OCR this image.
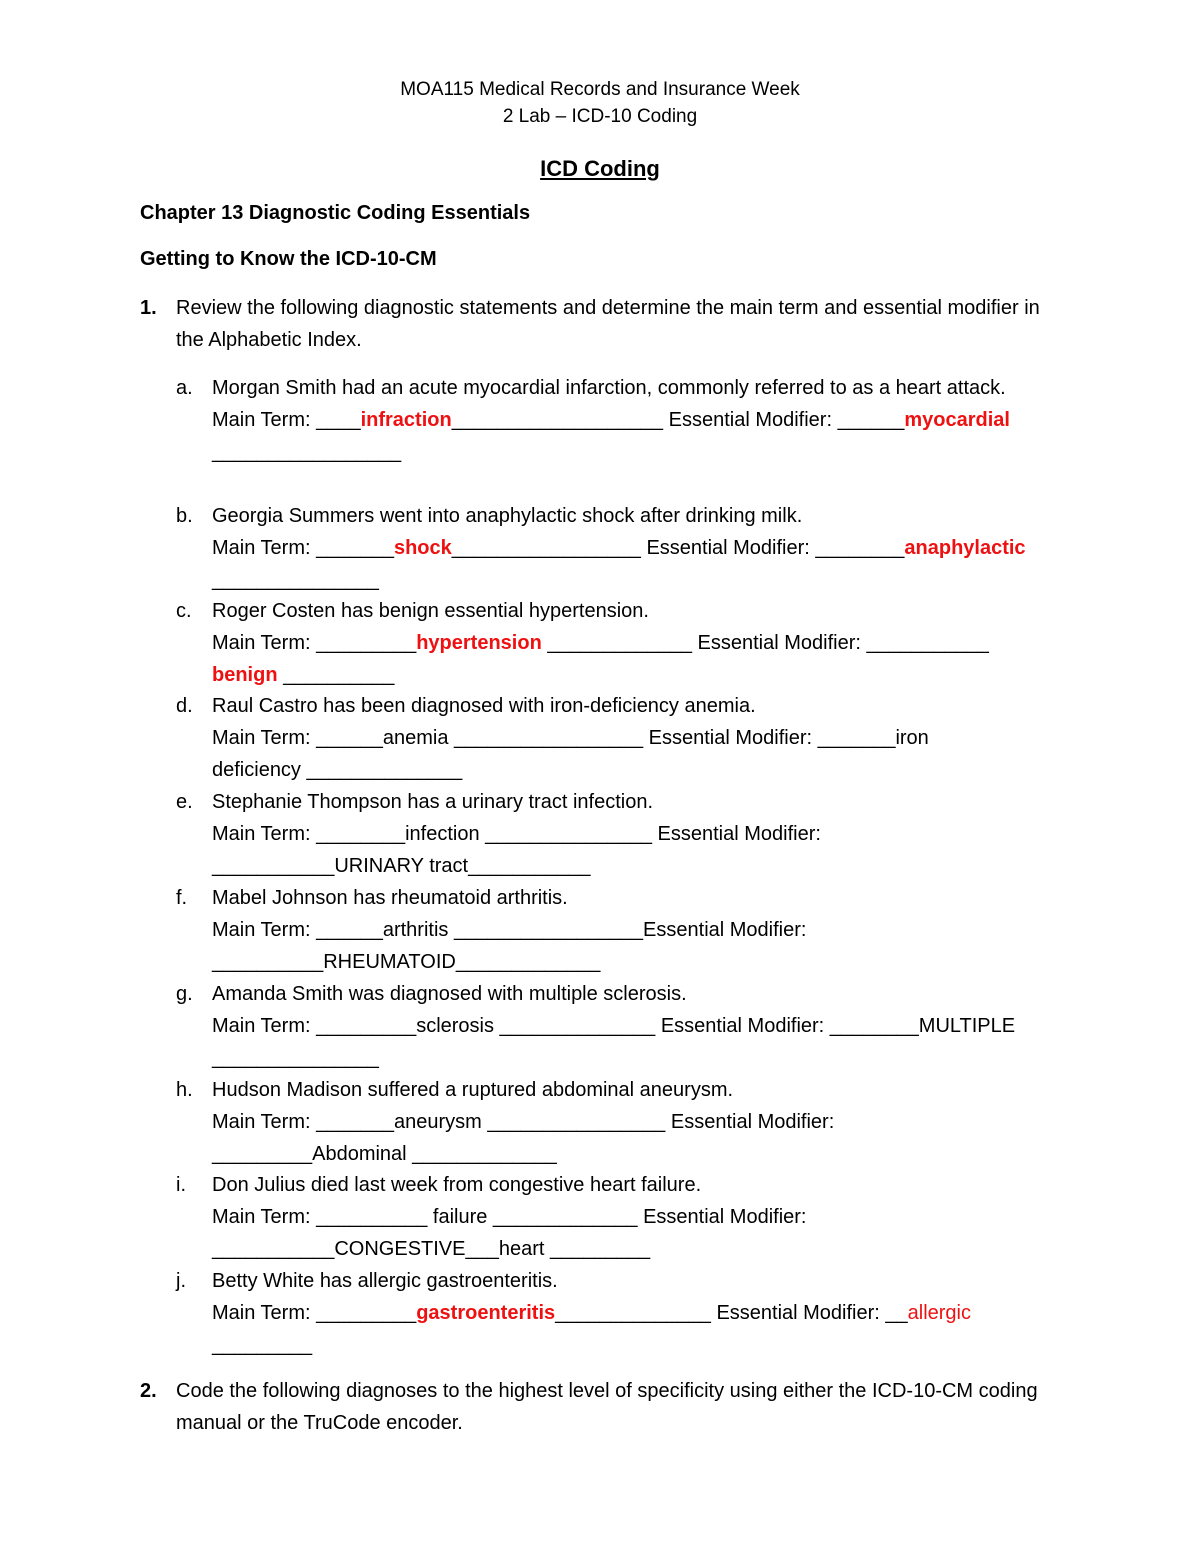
MOA115 Medical Records and Insurance Week
2 Lab – ICD-10 Coding
ICD Coding
Chapter 13 Diagnostic Coding Essentials
Getting to Know the ICD-10-CM
1. Review the following diagnostic statements and determine the main term and essential modifier in the Alphabetic Index.
a. Morgan Smith had an acute myocardial infarction, commonly referred to as a heart attack.
Main Term: ____infraction___________________ Essential Modifier: ______myocardial
_________________
b. Georgia Summers went into anaphylactic shock after drinking milk.
Main Term: _______shock_________________ Essential Modifier: ________anaphylactic
_______________
c. Roger Costen has benign essential hypertension.
Main Term: _________hypertension _____________ Essential Modifier: ___________
benign __________
d. Raul Castro has been diagnosed with iron-deficiency anemia.
Main Term: ______anemia _________________ Essential Modifier: _______iron
deficiency ______________
e. Stephanie Thompson has a urinary tract infection.
Main Term: ________infection _______________ Essential Modifier:
___________URINARY tract___________
f. Mabel Johnson has rheumatoid arthritis.
Main Term: ______arthritis _________________Essential Modifier:
__________RHEUMATOID_____________
g. Amanda Smith was diagnosed with multiple sclerosis.
Main Term: _________sclerosis ______________ Essential Modifier: ________MULTIPLE
_______________
h. Hudson Madison suffered a ruptured abdominal aneurysm.
Main Term: _______aneurysm ________________ Essential Modifier:
_________Abdominal _____________
i. Don Julius died last week from congestive heart failure.
Main Term: __________ failure _____________ Essential Modifier:
___________CONGESTIVE___heart _________
j. Betty White has allergic gastroenteritis.
Main Term: _________gastroenteritis______________ Essential Modifier: __allergic
_________
2. Code the following diagnoses to the highest level of specificity using either the ICD-10-CM coding manual or the TruCode encoder.
